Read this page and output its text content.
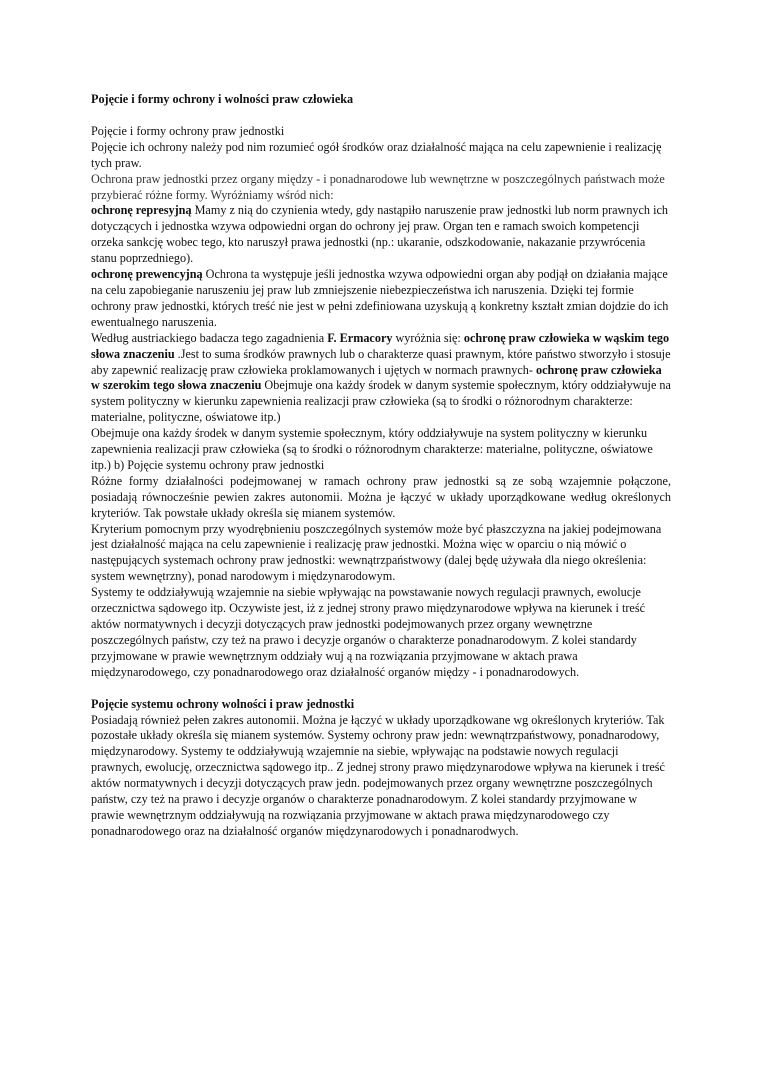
Pojęcie i formy ochrony i wolności praw człowieka

Pojęcie i formy ochrony praw jednostki

Pojęcie ich ochrony należy pod nim rozumieć ogół środków oraz działalność mająca na celu zapewnienie i realizację tych praw.

Ochrona praw jednostki przez organy między - i ponadnarodowe lub wewnętrzne w poszczególnych państwach może przybierać różne formy. Wyróżniamy wśród nich:

ochronę represyjną Mamy z nią do czynienia wtedy, gdy nastąpiło naruszenie praw jednostki lub norm prawnych ich dotyczących i jednostka wzywa odpowiedni organ do ochrony jej praw. Organ ten e ramach swoich kompetencji orzeka sankcję wobec tego, kto naruszył prawa jednostki (np.: ukaranie, odszkodowanie, nakazanie przywrócenia stanu poprzedniego).

ochronę prewencyjną Ochrona ta występuje jeśli jednostka wzywa odpowiedni organ aby podjął on działania mające na celu zapobieganie naruszeniu jej praw lub zmniejszenie niebezpieczeństwa ich naruszenia. Dzięki tej formie ochrony praw jednostki, których treść nie jest w pełni zdefiniowana uzyskują ą konkretny kształt zmian dojdzie do ich ewentualnego naruszenia.

Według austriackiego badacza tego zagadnienia F. Ermacory wyróżnia się: ochronę praw człowieka w wąskim tego słowa znaczeniu .Jest to suma środków prawnych lub o charakterze quasi prawnym, które państwo stworzyło i stosuje aby zapewnić realizację praw człowieka proklamowanych i ujętych w normach prawnych- ochronę praw człowieka w szerokim tego słowa znaczeniu Obejmuje ona każdy środek w danym systemie społecznym, który oddziaływuje na system polityczny w kierunku zapewnienia realizacji praw człowieka (są to środki o różnorodnym charakterze: materialne, polityczne, oświatowe itp.)

Obejmuje ona każdy środek w danym systemie społecznym, który oddziaływuje na system polityczny w kierunku zapewnienia realizacji praw człowieka (są to środki o różnorodnym charakterze: materialne, polityczne, oświatowe itp.) b) Pojęcie systemu ochrony praw jednostki

Różne formy działalności podejmowanej w ramach ochrony praw jednostki są ze sobą wzajemnie połączone, posiadają równocześnie pewien zakres autonomii. Można je łączyć w układy uporządkowane według określonych kryteriów. Tak powstałe układy określa się mianem systemów.

Kryterium pomocnym przy wyodrębnieniu poszczególnych systemów może być płaszczyzna na jakiej podejmowana jest działalność mająca na celu zapewnienie i realizację praw jednostki. Można więc w oparciu o nią mówić o następujących systemach ochrony praw jednostki: wewnątrzpaństwowy (dalej będę używała dla niego określenia: system wewnętrzny), ponad narodowym i międzynarodowym.

Systemy te oddziaływują wzajemnie na siebie wpływając na powstawanie nowych regulacji prawnych, ewolucje orzecznictwa sądowego itp. Oczywiste jest, iż z jednej strony prawo międzynarodowe wpływa na kierunek i treść aktów normatywnych i decyzji dotyczących praw jednostki podejmowanych przez organy wewnętrzne poszczególnych państw, czy też na prawo i decyzje organów o charakterze ponadnarodowym. Z kolei standardy przyjmowane w prawie wewnętrznym oddziały wuj ą na rozwiązania przyjmowane w aktach prawa międzynarodowego, czy ponadnarodowego oraz działalność organów między - i ponadnarodowych.

Pojęcie systemu ochrony wolności i praw jednostki

Posiadają również pełen zakres autonomii. Można je łączyć w układy uporządkowane wg określonych kryteriów. Tak pozostałe układy określa się mianem systemów. Systemy ochrony praw jedn: wewnątrzpaństwowy, ponadnarodowy, międzynarodowy. Systemy te oddziaływują wzajemnie na siebie, wpływając na podstawie nowych regulacji prawnych, ewolucję, orzecznictwa sądowego itp.. Z jednej strony prawo międzynarodowe wpływa na kierunek i treść aktów normatywnych i decyzji dotyczących praw jedn. podejmowanych przez organy wewnętrzne poszczególnych państw, czy też na prawo i decyzje organów o charakterze ponadnarodowym. Z kolei standardy przyjmowane w prawie wewnętrznym oddziaływują na rozwiązania przyjmowane w aktach prawa międzynarodowego czy ponadnarodowego oraz na działalność organów międzynarodowych i ponadnarodwych.
